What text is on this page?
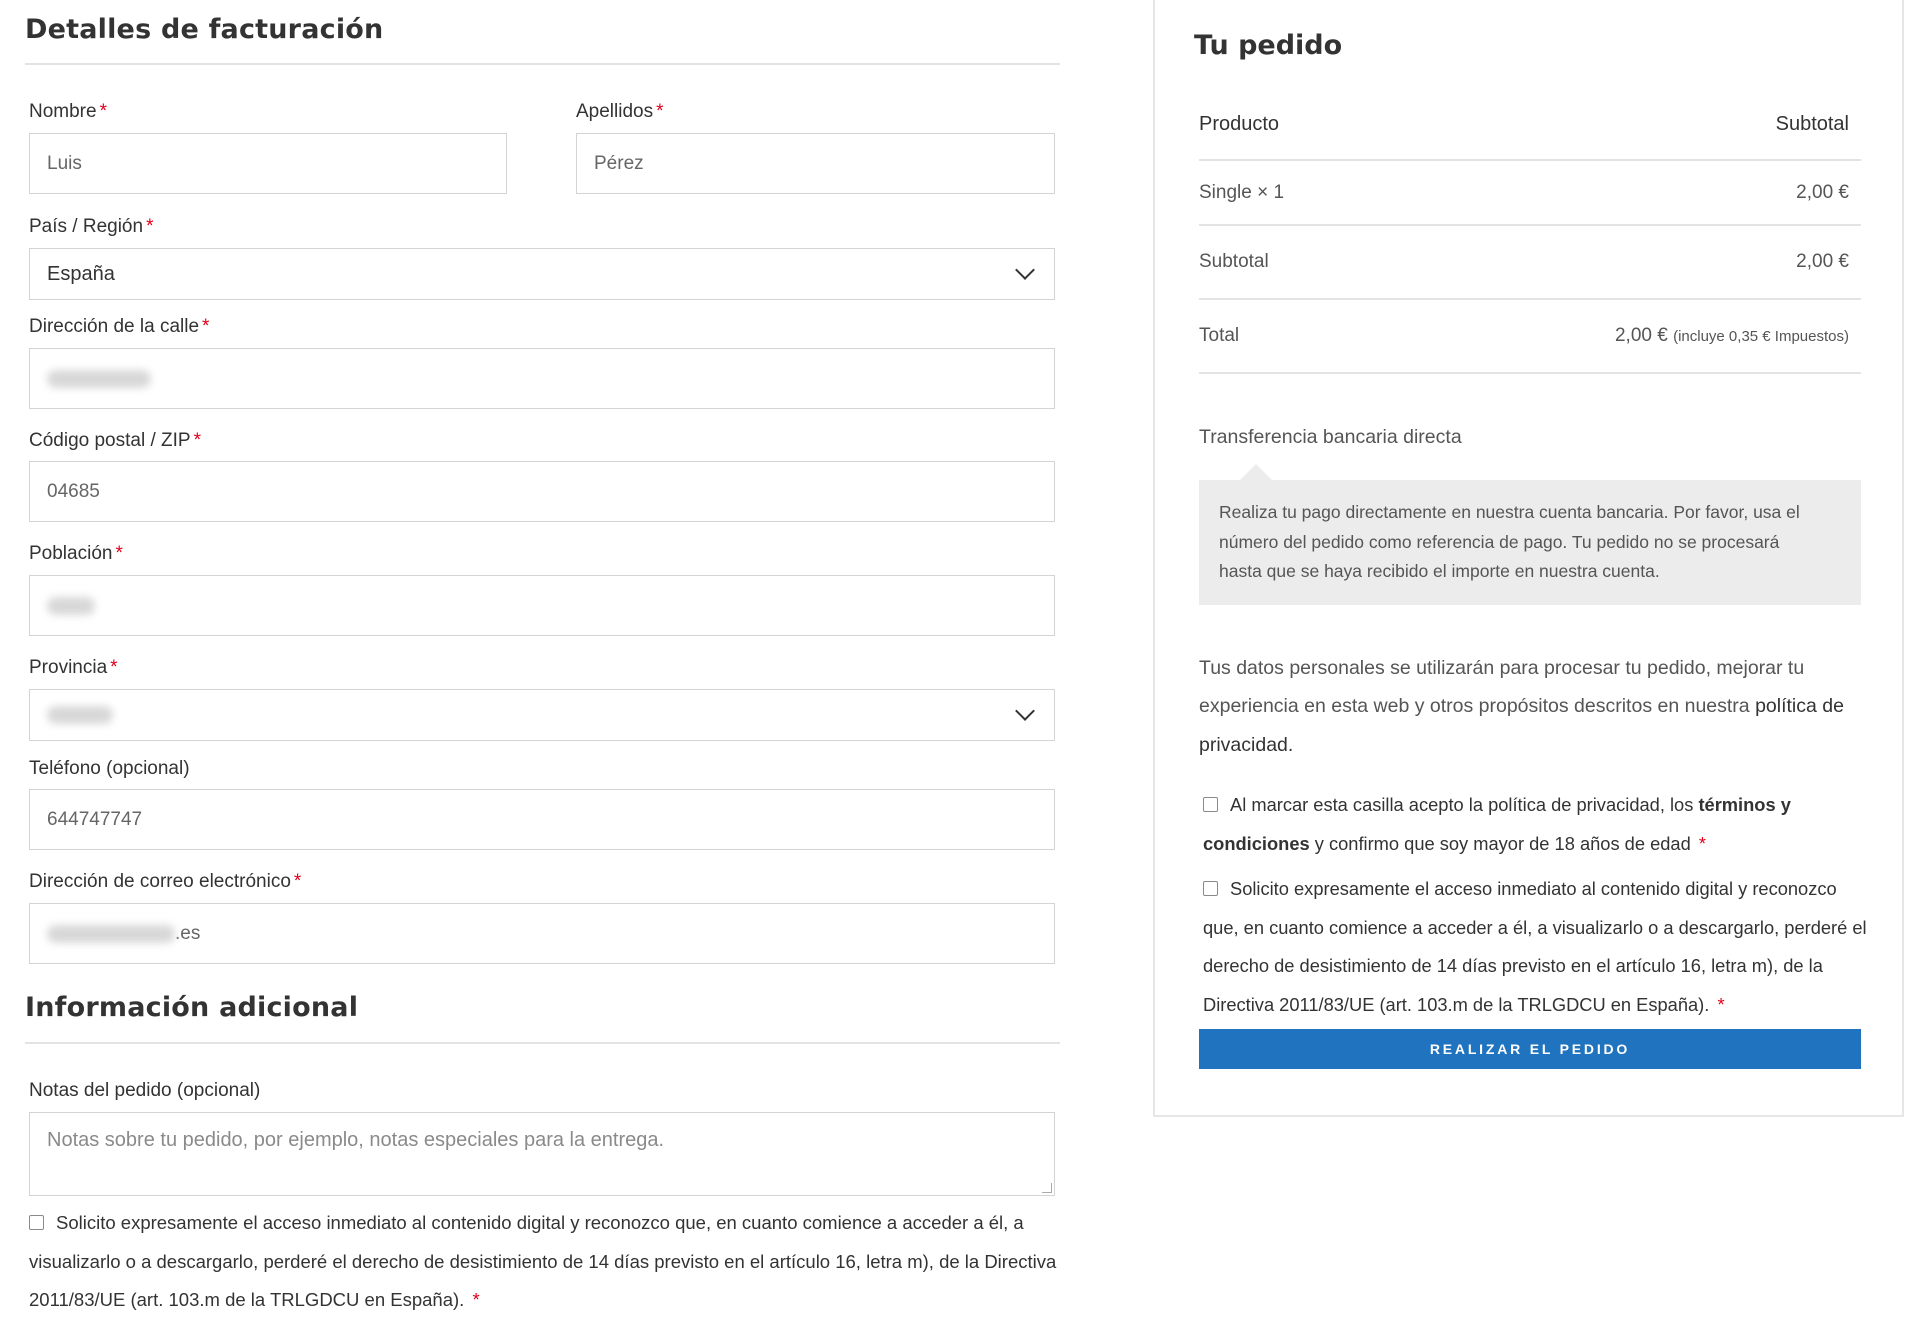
Detalles de facturación
Nombre *
Luis
Apellidos *
Pérez
País / Región *
España
Dirección de la calle *
Código postal / ZIP *
04685
Población *
Provincia *
Teléfono (opcional)
644747747
Dirección de correo electrónico *
.es
Información adicional
Notas del pedido (opcional)
Notas sobre tu pedido, por ejemplo, notas especiales para la entrega.
Solicito expresamente el acceso inmediato al contenido digital y reconozco que, en cuanto comience a acceder a él, a
visualizarlo o a descargarlo, perderé el derecho de desistimiento de 14 días previsto en el artículo 16, letra m), de la Directiva
2011/83/UE (art. 103.m de la TRLGDCU en España). *
Tu pedido
Producto	Subtotal
Single × 1	2,00 €
Subtotal	2,00 €
Total	2,00 € (incluye 0,35 € Impuestos)
Transferencia bancaria directa
Realiza tu pago directamente en nuestra cuenta bancaria. Por favor, usa el
número del pedido como referencia de pago. Tu pedido no se procesará
hasta que se haya recibido el importe en nuestra cuenta.
Tus datos personales se utilizarán para procesar tu pedido, mejorar tu
experiencia en esta web y otros propósitos descritos en nuestra política de
privacidad.
Al marcar esta casilla acepto la política de privacidad, los términos y
condiciones y confirmo que soy mayor de 18 años de edad *
Solicito expresamente el acceso inmediato al contenido digital y reconozco
que, en cuanto comience a acceder a él, a visualizarlo o a descargarlo, perderé el
derecho de desistimiento de 14 días previsto en el artículo 16, letra m), de la
Directiva 2011/83/UE (art. 103.m de la TRLGDCU en España). *
REALIZAR EL PEDIDO
